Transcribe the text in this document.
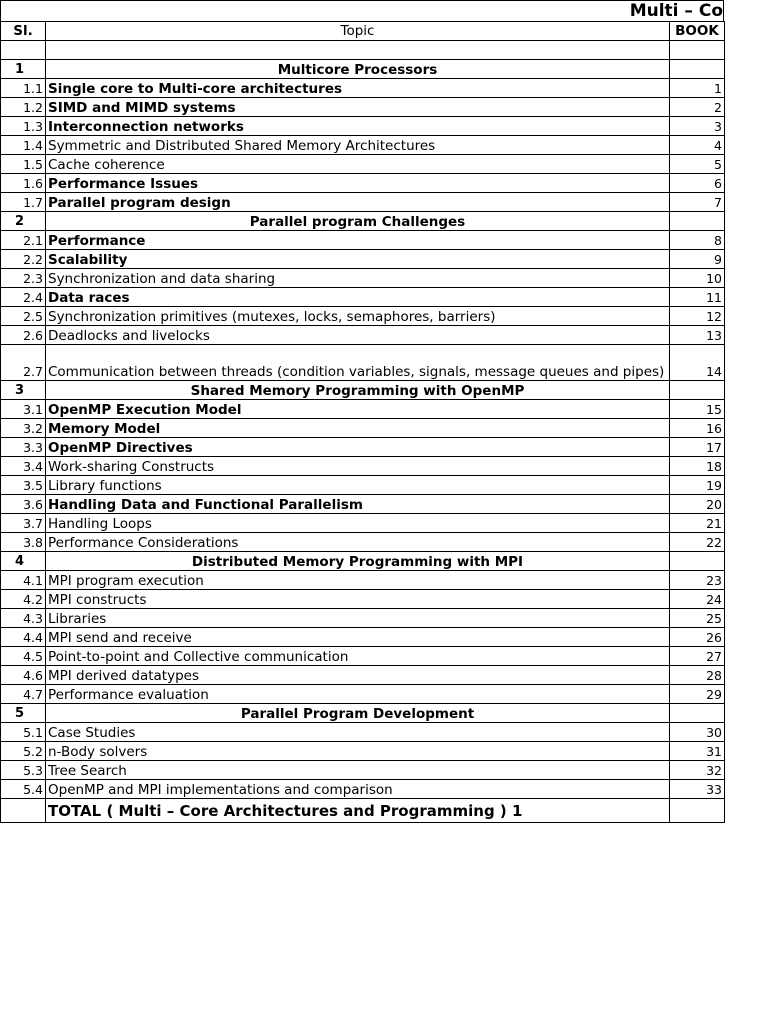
Multi – Co
Sl.	Topic	BOOK

1	Multicore Processors	
1.1	Single core to Multi-core architectures	1
1.2	SIMD and MIMD systems	2
1.3	Interconnection networks	3
1.4	Symmetric and Distributed Shared Memory Architectures	4
1.5	Cache coherence	5
1.6	Performance Issues	6
1.7	Parallel program design	7
2	Parallel program Challenges	
2.1	Performance	8
2.2	Scalability	9
2.3	Synchronization and data sharing	10
2.4	Data races	11
2.5	Synchronization primitives (mutexes, locks, semaphores, barriers)	12
2.6	Deadlocks and livelocks	13
2.7	Communication between threads (condition variables, signals, message queues and pipes)	14
3	Shared Memory Programming with OpenMP	
3.1	OpenMP Execution Model	15
3.2	Memory Model	16
3.3	OpenMP Directives	17
3.4	Work-sharing Constructs	18
3.5	Library functions	19
3.6	Handling Data and Functional Parallelism	20
3.7	Handling Loops	21
3.8	Performance Considerations	22
4	Distributed Memory Programming with MPI	
4.1	MPI program execution	23
4.2	MPI constructs	24
4.3	Libraries	25
4.4	MPI send and receive	26
4.5	Point-to-point and Collective communication	27
4.6	MPI derived datatypes	28
4.7	Performance evaluation	29
5	Parallel Program Development	
5.1	Case Studies	30
5.2	n-Body solvers	31
5.3	Tree Search	32
5.4	OpenMP and MPI implementations and comparison	33
	TOTAL ( Multi – Core Architectures and Programming ) 1	
